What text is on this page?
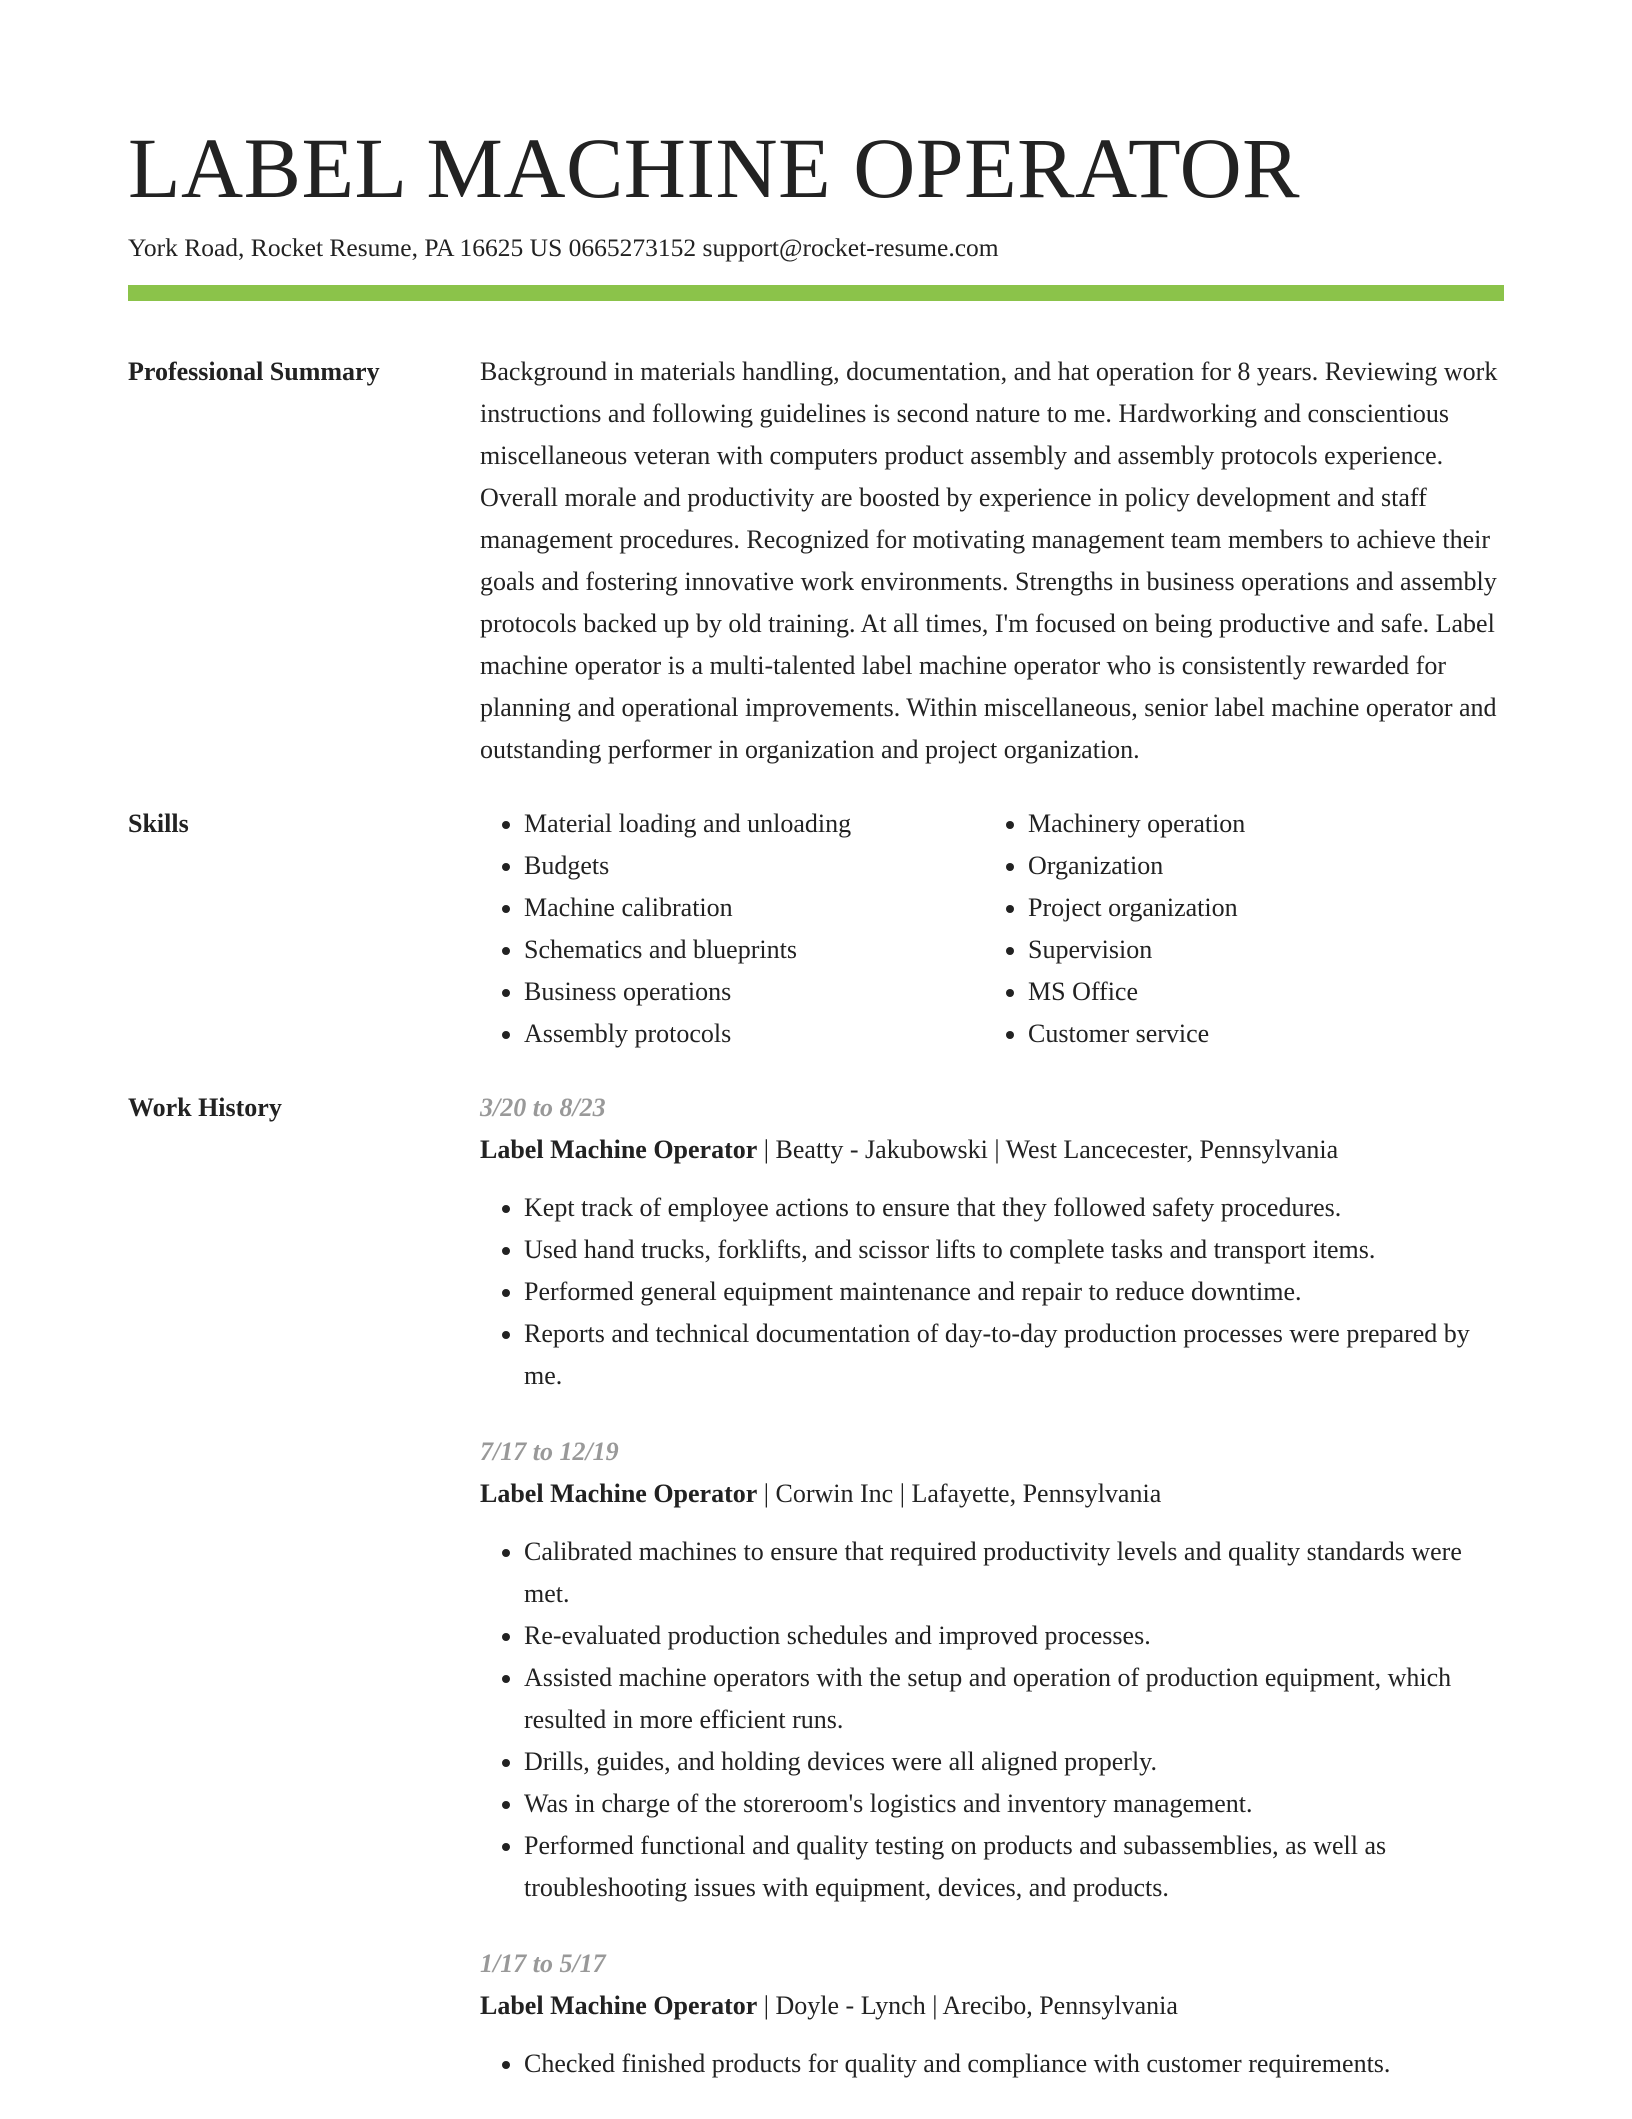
LABEL MACHINE OPERATOR
York Road, Rocket Resume, PA 16625 US 0665273152 support@rocket-resume.com
Professional Summary	Background in materials handling, documentation, and hat operation for 8 years. Reviewing work instructions and following guidelines is second nature to me. Hardworking and conscientious miscellaneous veteran with computers product assembly and assembly protocols experience. Overall morale and productivity are boosted by experience in policy development and staff management procedures. Recognized for motivating management team members to achieve their goals and fostering innovative work environments. Strengths in business operations and assembly protocols backed up by old training. At all times, I'm focused on being productive and safe. Label machine operator is a multi-talented label machine operator who is consistently rewarded for planning and operational improvements. Within miscellaneous, senior label machine operator and outstanding performer in organization and project organization.

Skills
•	Material loading and unloading
• Budgets
• Machine calibration
• Schematics and blueprints
• Business operations
• Assembly protocols
• Machinery operation
• Organization
• Project organization
• Supervision
• MS Office
• Customer service
Work History	3/20 to 8/23
Label Machine Operator | Beatty - Jakubowski | West Lancecester, Pennsylvania
• Kept track of employee actions to ensure that they followed safety procedures.
• Used hand trucks, forklifts, and scissor lifts to complete tasks and transport items.
• Performed general equipment maintenance and repair to reduce downtime.
• Reports and technical documentation of day-to-day production processes were prepared by me.
7/17 to 12/19
Label Machine Operator | Corwin Inc | Lafayette, Pennsylvania
• Calibrated machines to ensure that required productivity levels and quality standards were met.
• Re-evaluated production schedules and improved processes.
• Assisted machine operators with the setup and operation of production equipment, which resulted in more efficient runs.
• Drills, guides, and holding devices were all aligned properly.
• Was in charge of the storeroom's logistics and inventory management.
• Performed functional and quality testing on products and subassemblies, as well as troubleshooting issues with equipment, devices, and products.
1/17 to 5/17
Label Machine Operator | Doyle - Lynch | Arecibo, Pennsylvania
• Checked finished products for quality and compliance with customer requirements.
